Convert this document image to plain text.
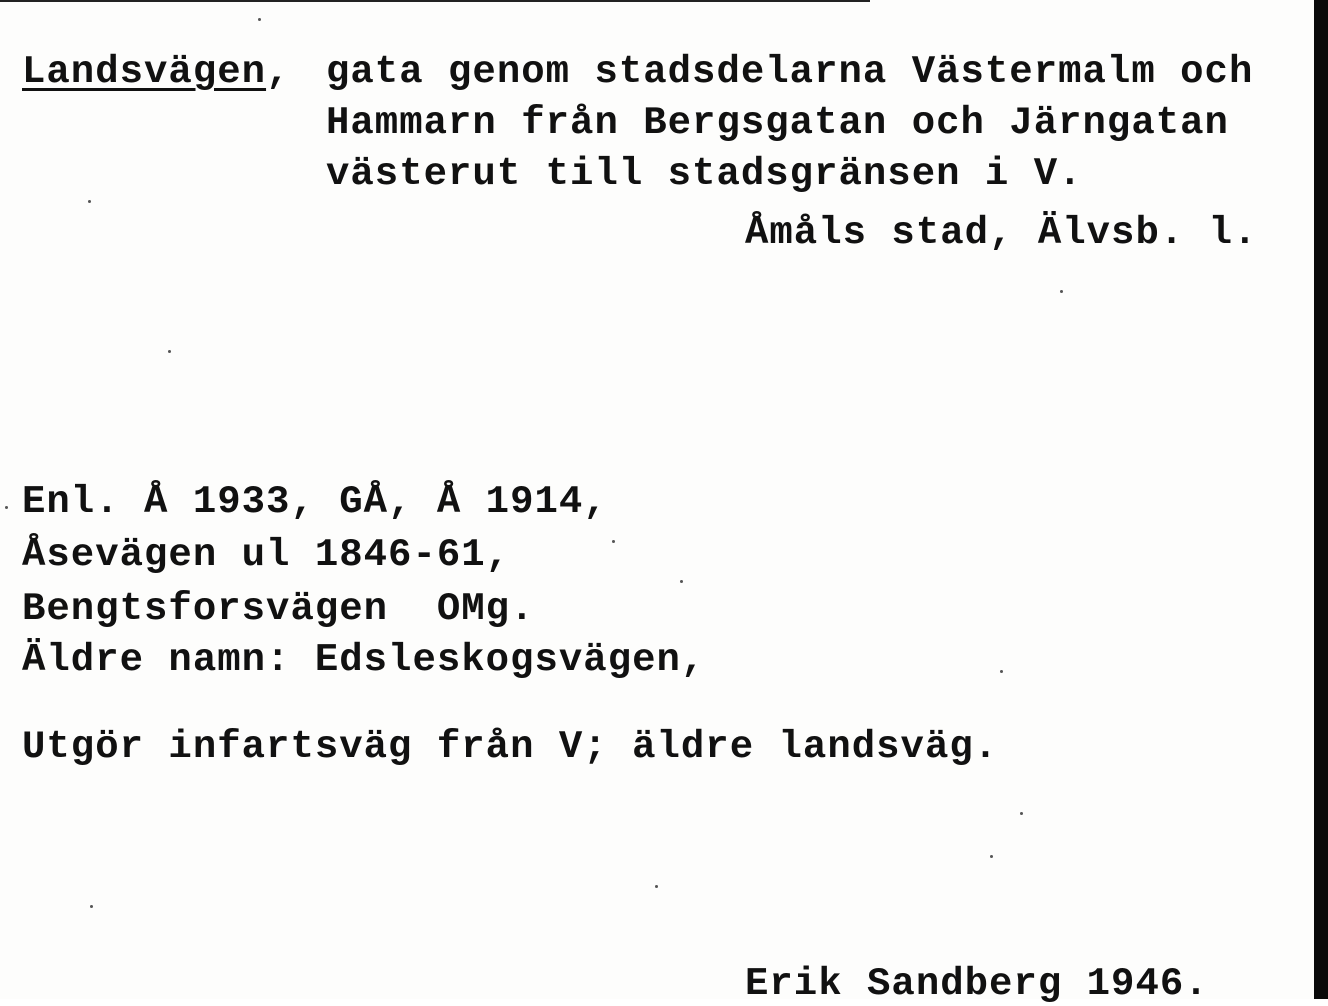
Landsvägen, gata genom stadsdelarna Västermalm och
Hammarn från Bergsgatan och Järngatan
västerut till stadsgränsen i V.
Åmåls stad, Älvsb. l.
Enl. Å 1933, GÅ, Å 1914,
Åsevägen ul 1846-61,
Bengtsforsvägen  OMg.
Äldre namn: Edsleskogsvägen,
Utgör infartsväg från V; äldre landsväg.
Erik Sandberg 1946.
